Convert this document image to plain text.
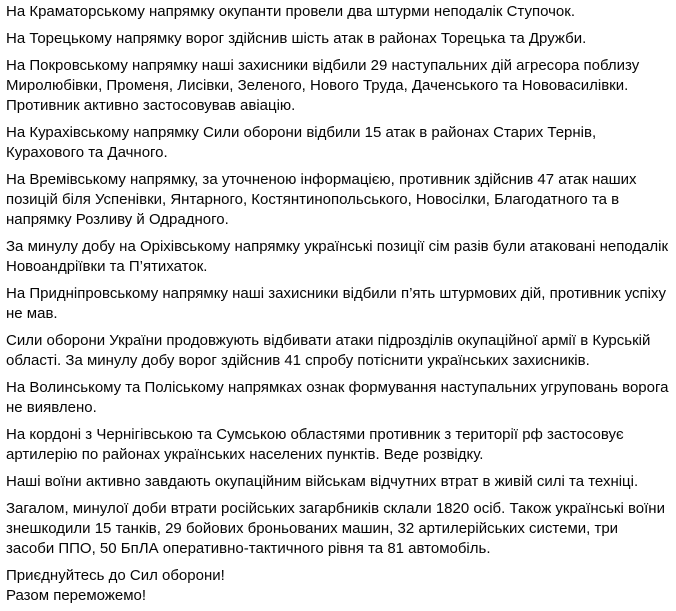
На Краматорському напрямку окупанти провели два штурми неподалік Ступочок.

На Торецькому напрямку ворог здійснив шість атак в районах Торецька та Дружби.

На Покровському напрямку наші захисники відбили 29 наступальних дій агресора поблизу Миролюбівки, Променя, Лисівки, Зеленого, Нового Труда, Даченського та Нововасилівки. Противник активно застосовував авіацію.

На Курахівському напрямку Сили оборони відбили 15 атак в районах Старих Тернів, Курахового та Дачного.

На Времівському напрямку, за уточненою інформацією, противник здійснив 47 атак наших позицій біля Успенівки, Янтарного, Костянтинопольського, Новосілки, Благодатного та в напрямку Розливу й Одрадного.

За минулу добу на Оріхівському напрямку українські позиції сім разів були атаковані неподалік Новоандріївки та П’ятихаток.

На Придніпровському напрямку наші захисники відбили п’ять штурмових дій, противник успіху не мав.

Сили оборони України продовжують відбивати атаки підрозділів окупаційної армії в Курській області. За минулу добу ворог здійснив 41 спробу потіснити українських захисників.

На Волинському та Поліському напрямках ознак формування наступальних угруповань ворога не виявлено.

На кордоні з Чернігівською та Сумською областями противник з території рф застосовує артилерію по районах українських населених пунктів. Веде розвідку.

Наші воїни активно завдають окупаційним військам відчутних втрат в живій силі та техніці.

Загалом, минулої доби втрати російських загарбників склали 1820 осіб. Також українські воїни знешкодили 15 танків, 29 бойових броньованих машин, 32 артилерійських системи, три засоби ППО, 50 БпЛА оперативно-тактичного рівня та 81 автомобіль.

Приєднуйтесь до Сил оборони!
Разом переможемо!
